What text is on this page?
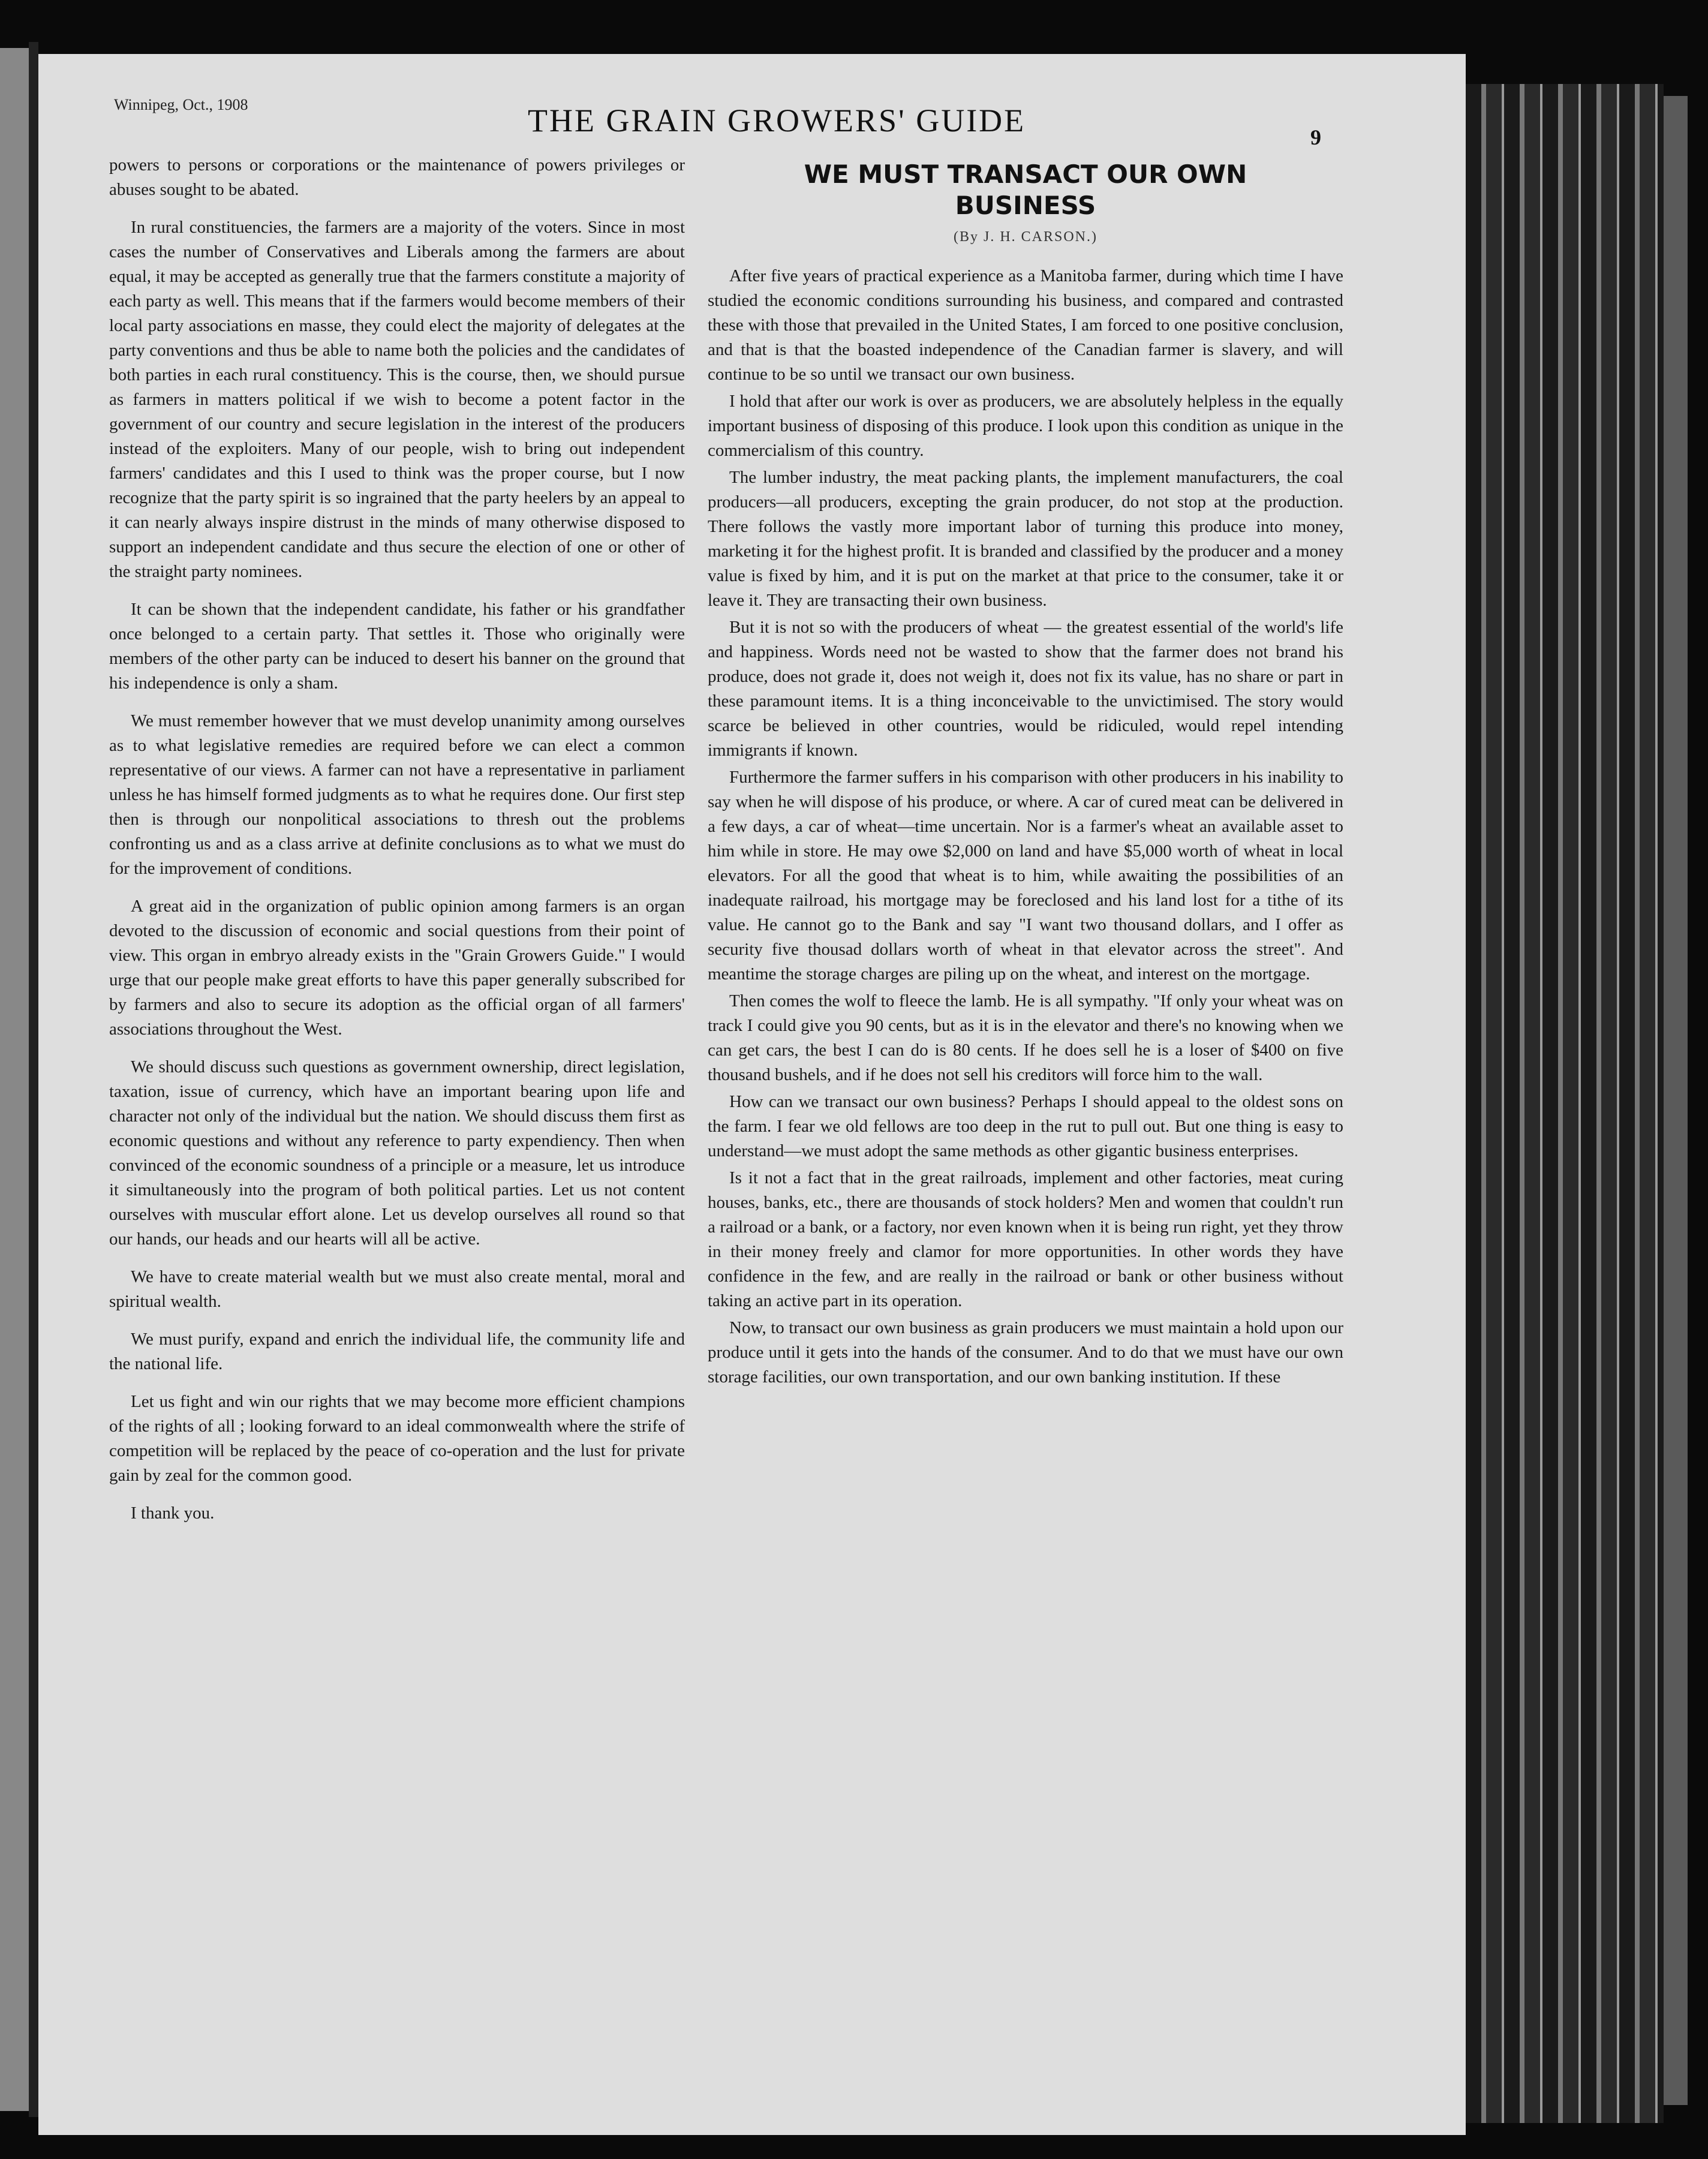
Winnipeg, Oct., 1908	THE GRAIN GROWERS' GUIDE	9

powers to persons or corporations or the maintenance of powers privileges or abuses sought to be abated.

In rural constituencies, the farmers are a majority of the voters. Since in most cases the number of Conservatives and Liberals among the farmers are about equal, it may be accepted as generally true that the farmers constitute a majority of each party as well. This means that if the farmers would become members of their local party associations en masse, they could elect the majority of delegates at the party conventions and thus be able to name both the policies and the candidates of both parties in each rural constituency. This is the course, then, we should pursue as farmers in matters political if we wish to become a potent factor in the government of our country and secure legislation in the interest of the producers instead of the exploiters. Many of our people, wish to bring out independent farmers' candidates and this I used to think was the proper course, but I now recognize that the party spirit is so ingrained that the party heelers by an appeal to it can nearly always inspire distrust in the minds of many otherwise disposed to support an independent candidate and thus secure the election of one or other of the straight party nominees.

It can be shown that the independent candidate, his father or his grandfather once belonged to a certain party. That settles it. Those who originally were members of the other party can be induced to desert his banner on the ground that his independence is only a sham.

We must remember however that we must develop unanimity among ourselves as to what legislative remedies are required before we can elect a common representative of our views. A farmer can not have a representative in parliament unless he has himself formed judgments as to what he requires done. Our first step then is through our nonpolitical associations to thresh out the problems confronting us and as a class arrive at definite conclusions as to what we must do for the improvement of conditions.

A great aid in the organization of public opinion among farmers is an organ devoted to the discussion of economic and social questions from their point of view. This organ in embryo already exists in the "Grain Growers Guide." I would urge that our people make great efforts to have this paper generally subscribed for by farmers and also to secure its adoption as the official organ of all farmers' associations throughout the West.

We should discuss such questions as government ownership, direct legislation, taxation, issue of currency, which have an important bearing upon life and character not only of the individual but the nation. We should discuss them first as economic questions and without any reference to party expendiency. Then when convinced of the economic soundness of a principle or a measure, let us introduce it simultaneously into the program of both political parties. Let us not content ourselves with muscular effort alone. Let us develop ourselves all round so that our hands, our heads and our hearts will all be active.

We have to create material wealth but we must also create mental, moral and spiritual wealth.

We must purify, expand and enrich the individual life, the community life and the national life.

Let us fight and win our rights that we may become more efficient champions of the rights of all ; looking forward to an ideal commonwealth where the strife of competition will be replaced by the peace of co-operation and the lust for private gain by zeal for the common good.

I thank you.

WE MUST TRANSACT OUR OWN
BUSINESS
(By J. H. CARSON.)

After five years of practical experience as a Manitoba farmer, during which time I have studied the economic conditions surrounding his business, and compared and contrasted these with those that prevailed in the United States, I am forced to one positive conclusion, and that is that the boasted independence of the Canadian farmer is slavery, and will continue to be so until we transact our own business.

I hold that after our work is over as producers, we are absolutely helpless in the equally important business of disposing of this produce. I look upon this condition as unique in the commercialism of this country.

The lumber industry, the meat packing plants, the implement manufacturers, the coal producers—all producers, excepting the grain producer, do not stop at the production. There follows the vastly more important labor of turning this produce into money, marketing it for the highest profit. It is branded and classified by the producer and a money value is fixed by him, and it is put on the market at that price to the consumer, take it or leave it. They are transacting their own business.

But it is not so with the producers of wheat — the greatest essential of the world's life and happiness. Words need not be wasted to show that the farmer does not brand his produce, does not grade it, does not weigh it, does not fix its value, has no share or part in these paramount items. It is a thing inconceivable to the unvictimised. The story would scarce be believed in other countries, would be ridiculed, would repel intending immigrants if known.

Furthermore the farmer suffers in his comparison with other producers in his inability to say when he will dispose of his produce, or where. A car of cured meat can be delivered in a few days, a car of wheat—time uncertain. Nor is a farmer's wheat an available asset to him while in store. He may owe $2,000 on land and have $5,000 worth of wheat in local elevators. For all the good that wheat is to him, while awaiting the possibilities of an inadequate railroad, his mortgage may be foreclosed and his land lost for a tithe of its value. He cannot go to the Bank and say "I want two thousand dollars, and I offer as security five thousad dollars worth of wheat in that elevator across the street". And meantime the storage charges are piling up on the wheat, and interest on the mortgage.

Then comes the wolf to fleece the lamb. He is all sympathy. "If only your wheat was on track I could give you 90 cents, but as it is in the elevator and there's no knowing when we can get cars, the best I can do is 80 cents. If he does sell he is a loser of $400 on five thousand bushels, and if he does not sell his creditors will force him to the wall.

How can we transact our own business? Perhaps I should appeal to the oldest sons on the farm. I fear we old fellows are too deep in the rut to pull out. But one thing is easy to understand—we must adopt the same methods as other gigantic business enterprises.

Is it not a fact that in the great railroads, implement and other factories, meat curing houses, banks, etc., there are thousands of stock holders? Men and women that couldn't run a railroad or a bank, or a factory, nor even known when it is being run right, yet they throw in their money freely and clamor for more opportunities. In other words they have confidence in the few, and are really in the railroad or bank or other business without taking an active part in its operation.

Now, to transact our own business as grain producers we must maintain a hold upon our produce until it gets into the hands of the consumer. And to do that we must have our own storage facilities, our own transportation, and our own banking institution. If these
